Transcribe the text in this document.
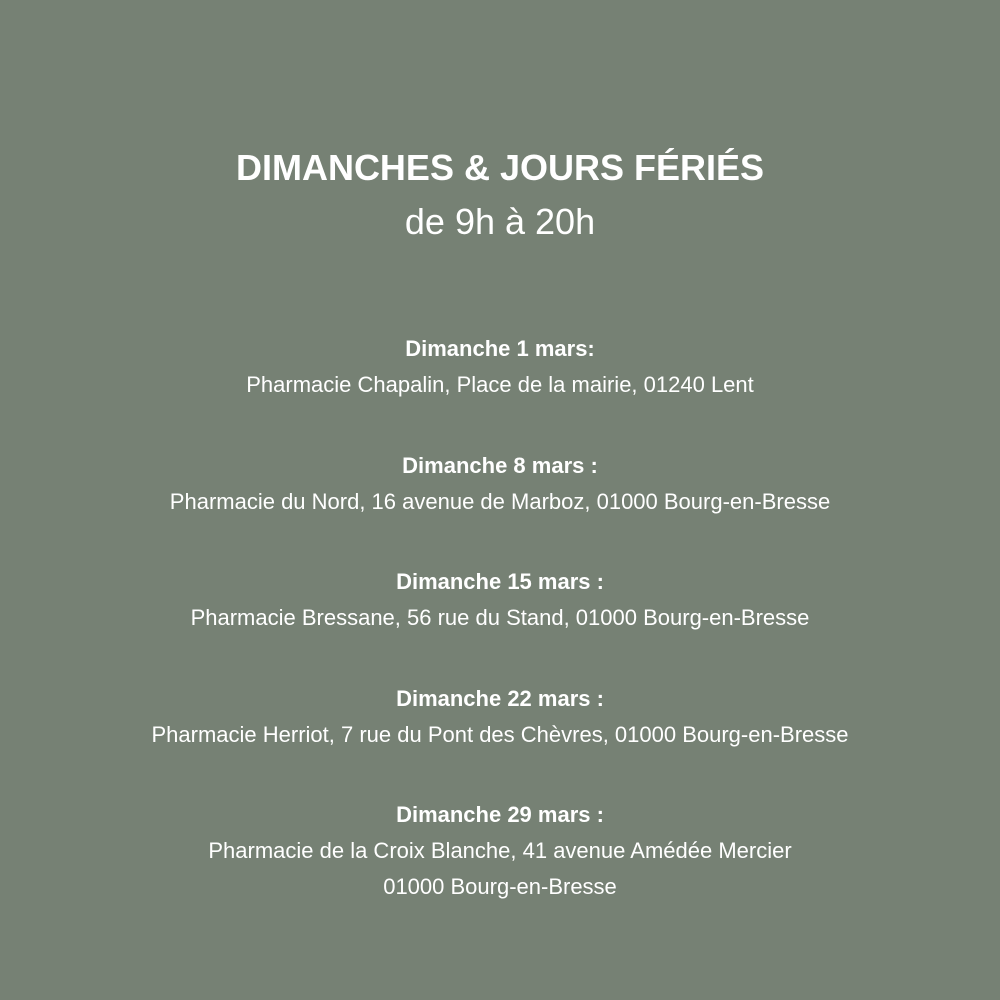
DIMANCHES & JOURS FÉRIÉS
de 9h à 20h
Dimanche 1 mars:
Pharmacie Chapalin, Place de la mairie, 01240 Lent
Dimanche 8 mars :
Pharmacie du Nord, 16 avenue de Marboz, 01000 Bourg-en-Bresse
Dimanche 15 mars :
Pharmacie Bressane, 56 rue du Stand, 01000 Bourg-en-Bresse
Dimanche 22 mars :
Pharmacie Herriot, 7 rue du Pont des Chèvres, 01000 Bourg-en-Bresse
Dimanche 29 mars :
Pharmacie de la Croix Blanche, 41 avenue Amédée Mercier
01000 Bourg-en-Bresse
